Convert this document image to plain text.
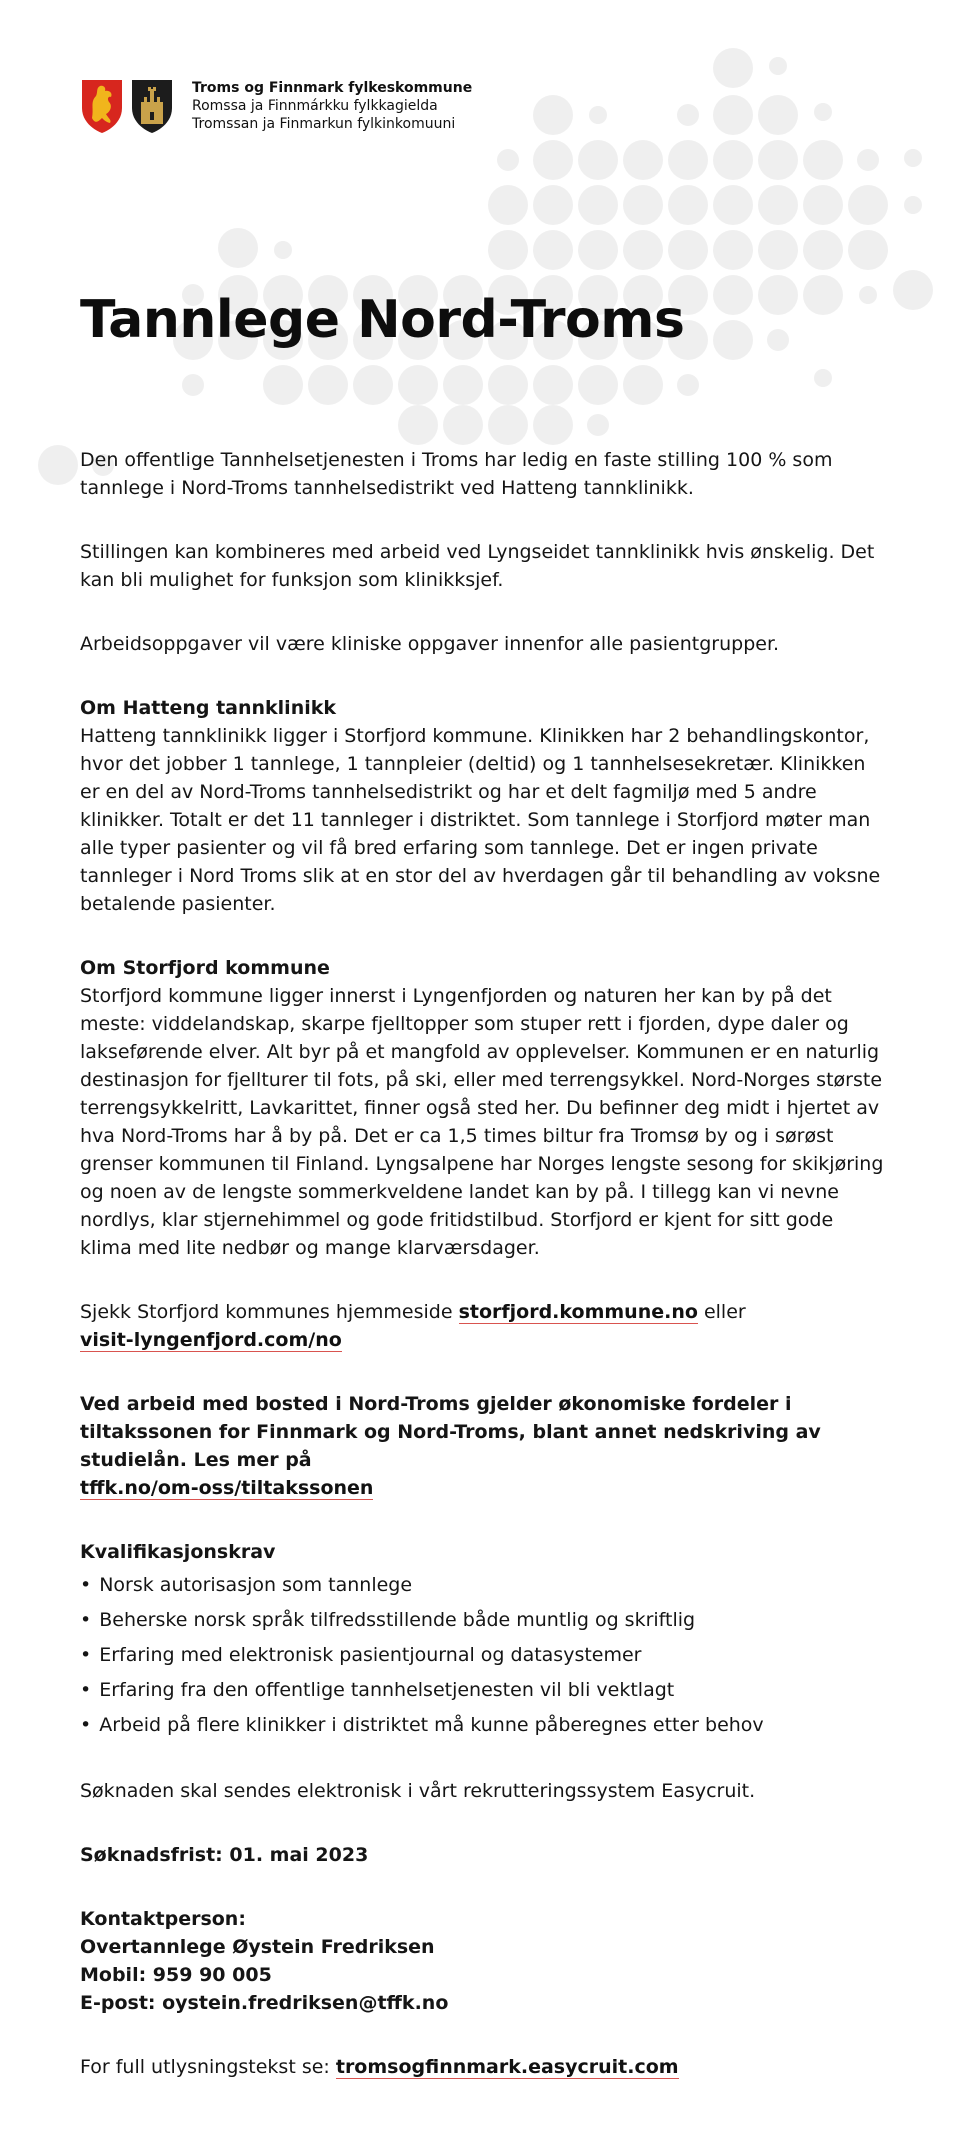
Troms og Finnmark fylkeskommune
Romssa ja Finnmárkku fylkkagielda
Tromssan ja Finmarkun fylkinkomuuni
Tannlege Nord-Troms

Den offentlige Tannhelsetjenesten i Troms har ledig en faste stilling 100 % som tannlege i Nord-Troms tannhelsedistrikt ved Hatteng tannklinikk.

Stillingen kan kombineres med arbeid ved Lyngseidet tannklinikk hvis ønskelig. Det kan bli mulighet for funksjon som klinikksjef.

Arbeidsoppgaver vil være kliniske oppgaver innenfor alle pasientgrupper.

Om Hatteng tannklinikk

Hatteng tannklinikk ligger i Storfjord kommune. Klinikken har 2 behandlingskontor, hvor det jobber 1 tannlege, 1 tannpleier (deltid) og 1 tannhelsesekretær. Klinikken er en del av Nord-Troms tannhelsedistrikt og har et delt fagmiljø med 5 andre klinikker. Totalt er det 11 tannleger i distriktet. Som tannlege i Storfjord møter man alle typer pasienter og vil få bred erfaring som tannlege. Det er ingen private tannleger i Nord Troms slik at en stor del av hverdagen går til behandling av voksne betalende pasienter.

Om Storfjord kommune

Storfjord kommune ligger innerst i Lyngenfjorden og naturen her kan by på det meste: viddelandskap, skarpe fjelltopper som stuper rett i fjorden, dype daler og lakseførende elver. Alt byr på et mangfold av opplevelser. Kommunen er en naturlig destinasjon for fjellturer til fots, på ski, eller med terrengsykkel. Nord-Norges største terrengsykkelritt, Lavkarittet, finner også sted her. Du befinner deg midt i hjertet av hva Nord-Troms har å by på. Det er ca 1,5 times biltur fra Tromsø by og i sørøst grenser kommunen til Finland. Lyngsalpene har Norges lengste sesong for skikjøring og noen av de lengste sommerkveldene landet kan by på. I tillegg kan vi nevne nordlys, klar stjernehimmel og gode fritidstilbud. Storfjord er kjent for sitt gode klima med lite nedbør og mange klarværsdager.

Sjekk Storfjord kommunes hjemmeside storfjord.kommune.no eller
visit-lyngenfjord.com/no

Ved arbeid med bosted i Nord-Troms gjelder økonomiske fordeler i tiltakssonen for Finnmark og Nord-Troms, blant annet nedskriving av studielån. Les mer på
tffk.no/om-oss/tiltakssonen

Kvalifikasjonskrav
• Norsk autorisasjon som tannlege
• Beherske norsk språk tilfredsstillende både muntlig og skriftlig
• Erfaring med elektronisk pasientjournal og datasystemer
• Erfaring fra den offentlige tannhelsetjenesten vil bli vektlagt
• Arbeid på flere klinikker i distriktet må kunne påberegnes etter behov

Søknaden skal sendes elektronisk i vårt rekrutteringssystem Easycruit.

Søknadsfrist: 01. mai 2023

Kontaktperson:
Overtannlege Øystein Fredriksen
Mobil: 959 90 005
E-post: oystein.fredriksen@tffk.no

For full utlysningstekst se: tromsogfinnmark.easycruit.com
